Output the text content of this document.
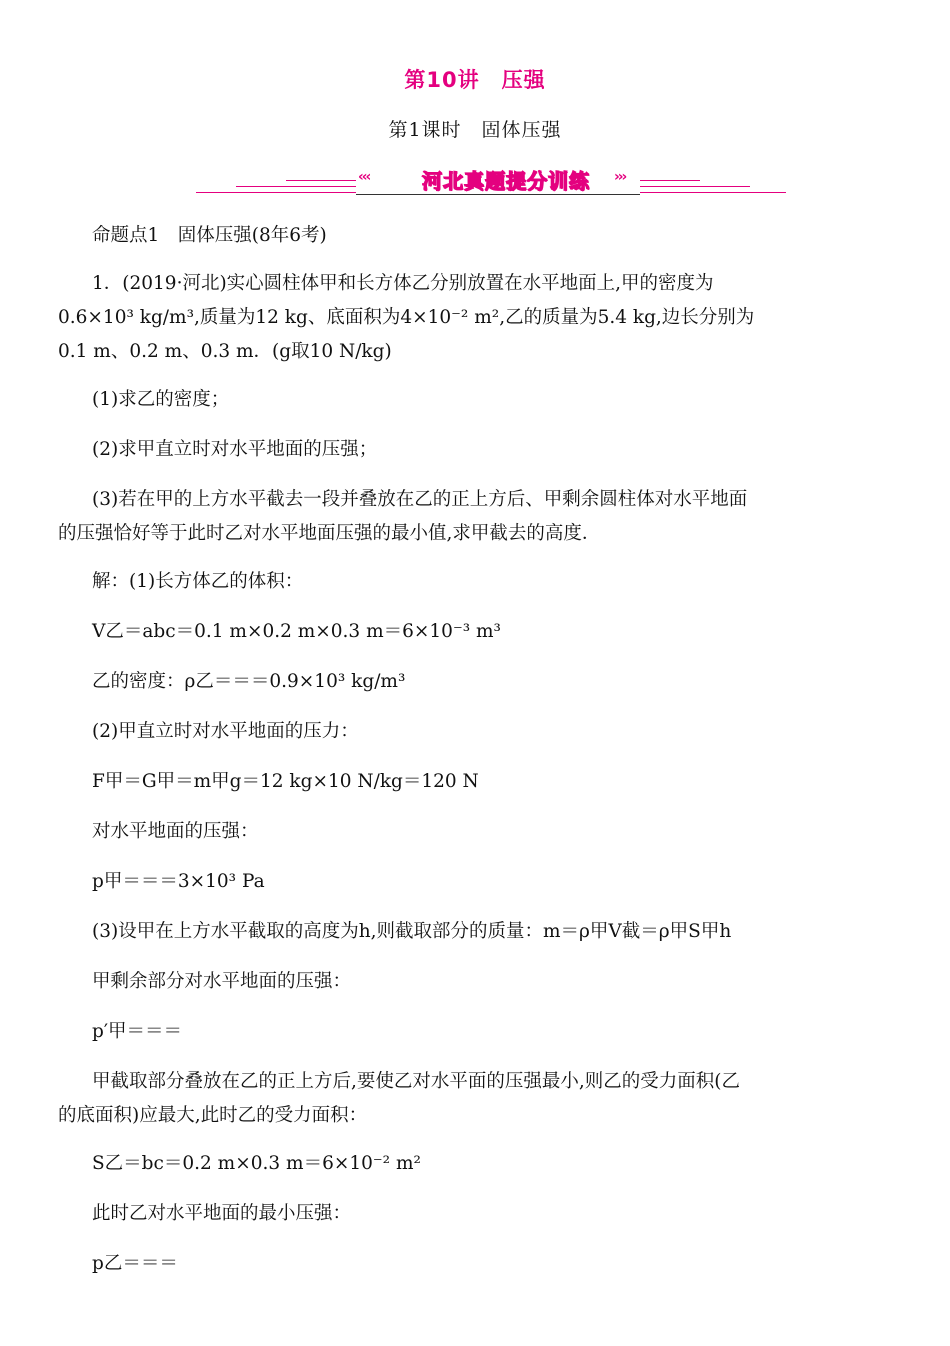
第10讲　压强
第1课时　固体压强
‹‹‹	河北真题提分训练	›››
命题点1　固体压强(8年6考)
1．(2019·河北)实心圆柱体甲和长方体乙分别放置在水平地面上,甲的密度为
0.6×10³ kg/m³,质量为12 kg、底面积为4×10⁻² m²,乙的质量为5.4 kg,边长分别为
0.1 m、0.2 m、0.3 m．(g取10 N/kg)
(1)求乙的密度；
(2)求甲直立时对水平地面的压强；
(3)若在甲的上方水平截去一段并叠放在乙的正上方后、甲剩余圆柱体对水平地面
的压强恰好等于此时乙对水平地面压强的最小值,求甲截去的高度．
解：(1)长方体乙的体积：
V乙＝abc＝0.1 m×0.2 m×0.3 m＝6×10⁻³ m³
乙的密度：ρ乙＝＝＝0.9×10³ kg/m³
(2)甲直立时对水平地面的压力：
F甲＝G甲＝m甲g＝12 kg×10 N/kg＝120 N
对水平地面的压强：
p甲＝＝＝3×10³ Pa
(3)设甲在上方水平截取的高度为h,则截取部分的质量：m＝ρ甲V截＝ρ甲S甲h
甲剩余部分对水平地面的压强：
p′甲＝＝＝
甲截取部分叠放在乙的正上方后,要使乙对水平面的压强最小,则乙的受力面积(乙
的底面积)应最大,此时乙的受力面积：
S乙＝bc＝0.2 m×0.3 m＝6×10⁻² m²
此时乙对水平地面的最小压强：
p乙＝＝＝
